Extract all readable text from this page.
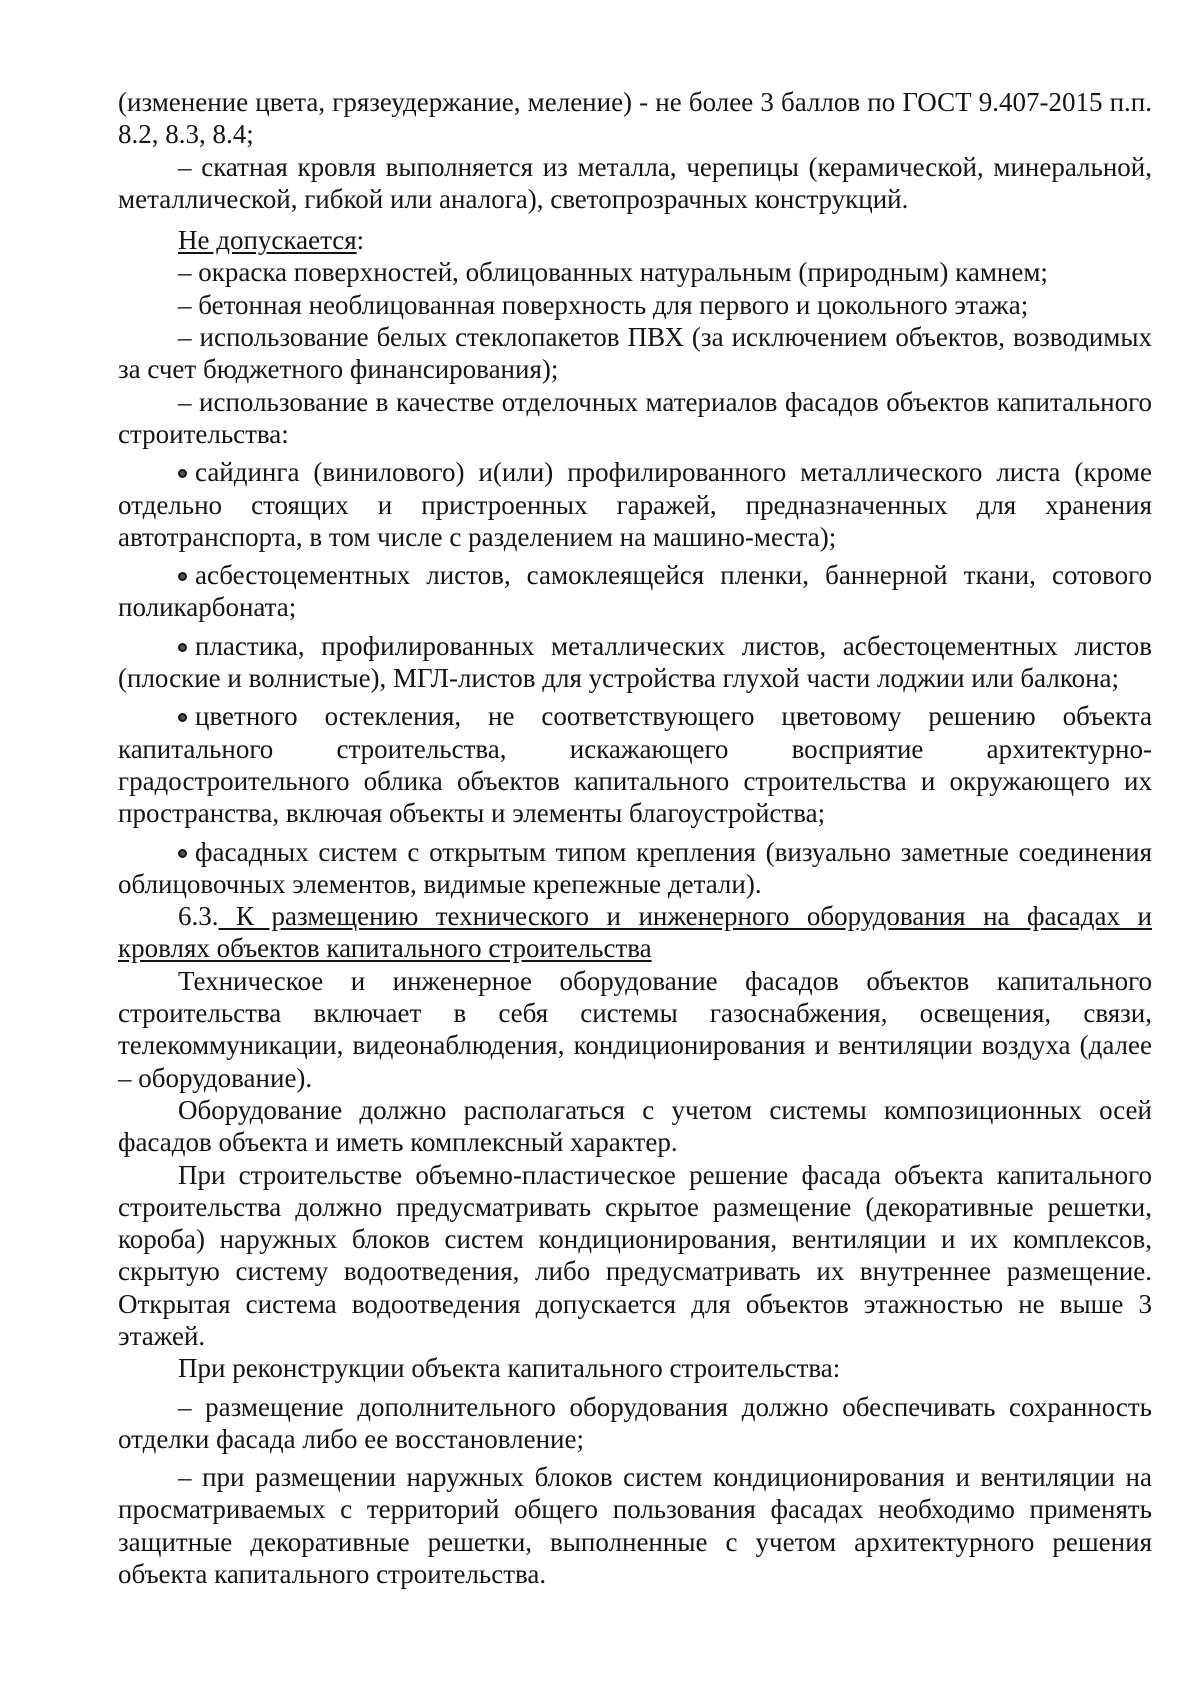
(изменение цвета, грязеудержание, меление) - не более 3 баллов по ГОСТ 9.407-2015 п.п. 8.2, 8.3, 8.4;

– скатная кровля выполняется из металла, черепицы (керамической, минеральной, металлической, гибкой или аналога), светопрозрачных конструкций.

Не допускается:

– окраска поверхностей, облицованных натуральным (природным) камнем;

– бетонная необлицованная поверхность для первого и цокольного этажа;

– использование белых стеклопакетов ПВХ (за исключением объектов, возводимых за счет бюджетного финансирования);

– использование в качестве отделочных материалов фасадов объектов капитального строительства:

сайдинга (винилового) и(или) профилированного металлического листа (кроме отдельно стоящих и пристроенных гаражей, предназначенных для хранения автотранспорта, в том числе с разделением на машино-места);

асбестоцементных листов, самоклеящейся пленки, баннерной ткани, сотового поликарбоната;

пластика, профилированных металлических листов, асбестоцементных листов (плоские и волнистые), МГЛ-листов для устройства глухой части лоджии или балкона;

цветного остекления, не соответствующего цветовому решению объекта капитального строительства, искажающего восприятие архитектурно-градостроительного облика объектов капитального строительства и окружающего их пространства, включая объекты и элементы благоустройства;

фасадных систем с открытым типом крепления (визуально заметные соединения облицовочных элементов, видимые крепежные детали).

6.3. К размещению технического и инженерного оборудования на фасадах и кровлях объектов капитального строительства

Техническое и инженерное оборудование фасадов объектов капитального строительства включает в себя системы газоснабжения, освещения, связи, телекоммуникации, видеонаблюдения, кондиционирования и вентиляции воздуха (далее – оборудование).

Оборудование должно располагаться с учетом системы композиционных осей фасадов объекта и иметь комплексный характер.

При строительстве объемно-пластическое решение фасада объекта капитального строительства должно предусматривать скрытое размещение (декоративные решетки, короба) наружных блоков систем кондиционирования, вентиляции и их комплексов, скрытую систему водоотведения, либо предусматривать их внутреннее размещение. Открытая система водоотведения допускается для объектов этажностью не выше 3 этажей.

При реконструкции объекта капитального строительства:

– размещение дополнительного оборудования должно обеспечивать сохранность отделки фасада либо ее восстановление;

– при размещении наружных блоков систем кондиционирования и вентиляции на просматриваемых с территорий общего пользования фасадах необходимо применять защитные декоративные решетки, выполненные с учетом архитектурного решения объекта капитального строительства.
